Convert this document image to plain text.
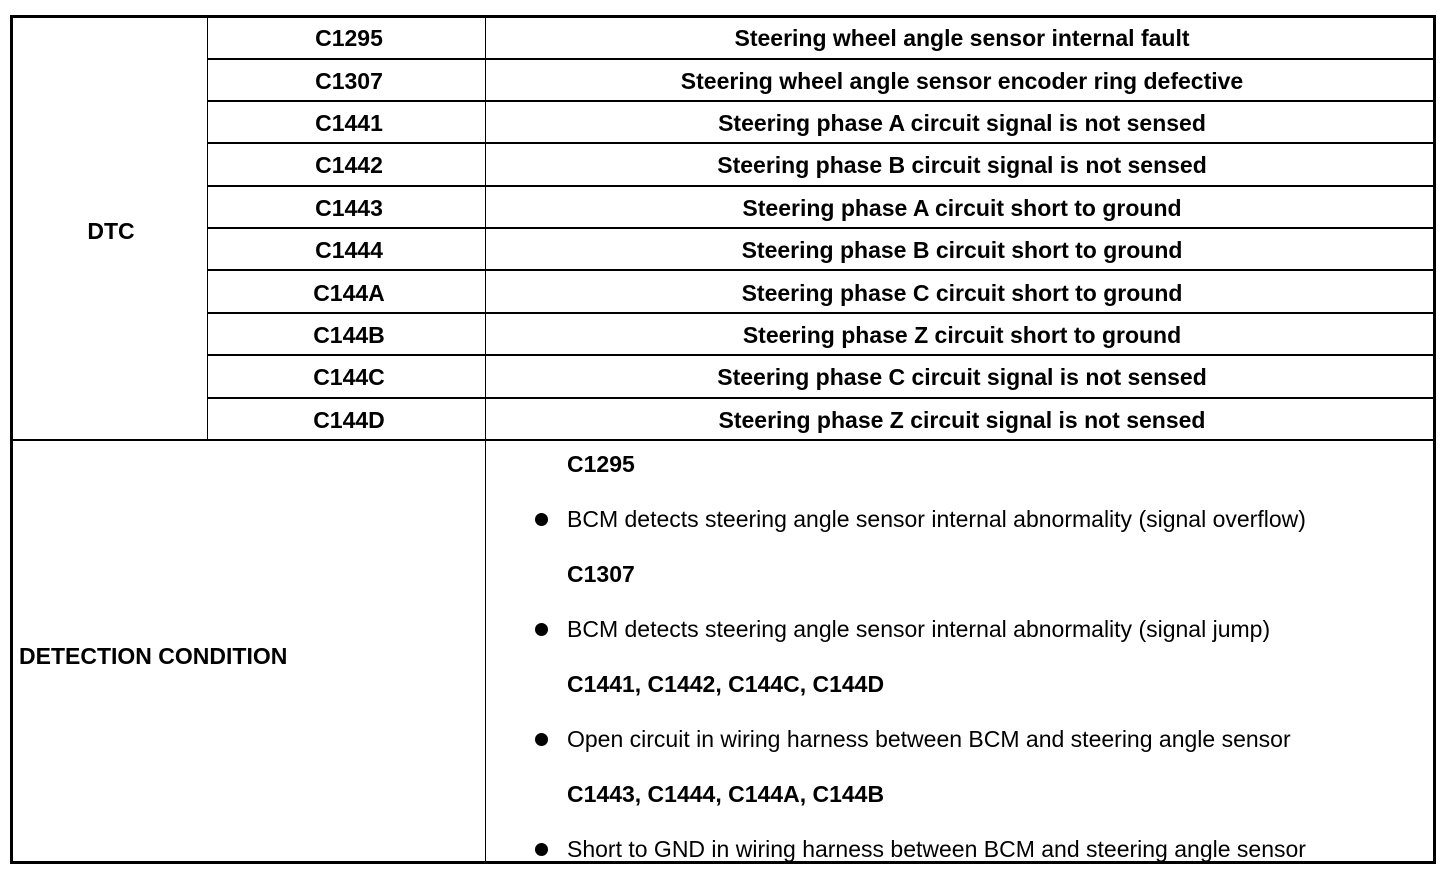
DTC
C1295	Steering wheel angle sensor internal fault
C1307	Steering wheel angle sensor encoder ring defective
C1441	Steering phase A circuit signal is not sensed
C1442	Steering phase B circuit signal is not sensed
C1443	Steering phase A circuit short to ground
C1444	Steering phase B circuit short to ground
C144A	Steering phase C circuit short to ground
C144B	Steering phase Z circuit short to ground
C144C	Steering phase C circuit signal is not sensed
C144D	Steering phase Z circuit signal is not sensed
DETECTION CONDITION
C1295
BCM detects steering angle sensor internal abnormality (signal overflow)
C1307
BCM detects steering angle sensor internal abnormality (signal jump)
C1441, C1442, C144C, C144D
Open circuit in wiring harness between BCM and steering angle sensor
C1443, C1444, C144A, C144B
Short to GND in wiring harness between BCM and steering angle sensor
